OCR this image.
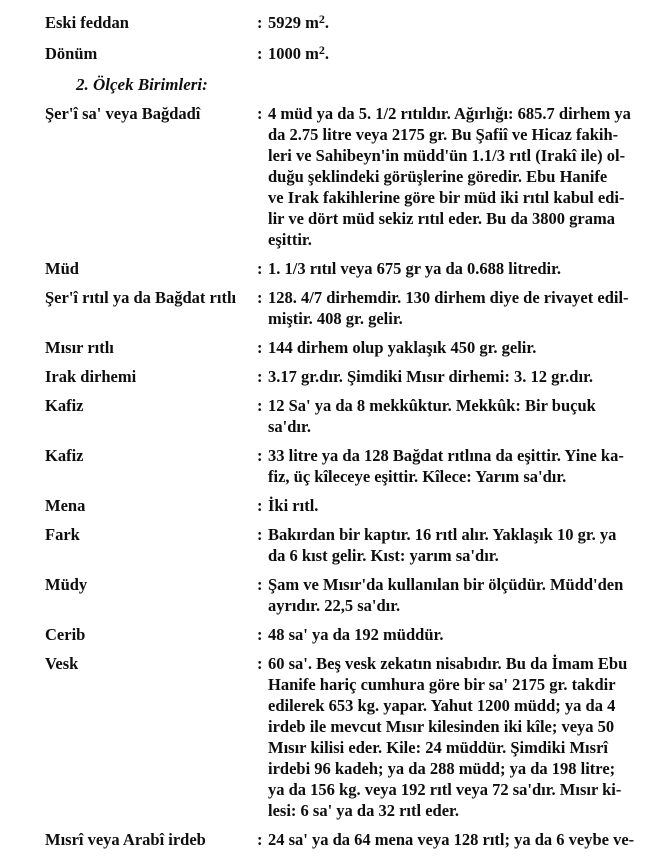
Eski feddan	: 5929 $m^2$.
Dönüm	: 1000 $m^2$.
2. Ölçek Birimleri:
Şer'î sa' veya Bağdadî	: 4 müd ya da 5. 1/2 rıtıldır. Ağırlığı: 685.7 dirhem ya
da 2.75 litre veya 2175 gr. Bu Şafiî ve Hicaz fakih-
leri ve Sahibeyn'in müdd'ün 1.1/3 rıtl (Irakî ile) ol-
duğu şeklindeki görüşlerine göredir. Ebu Hanife
ve Irak fakihlerine göre bir müd iki rıtıl kabul edi-
lir ve dört müd sekiz rıtıl eder. Bu da 3800 grama
eşittir.
Müd	: 1. 1/3 rıtıl veya 675 gr ya da 0.688 litredir.
Şer'î rıtıl ya da Bağdat rıtlı	: 128. 4/7 dirhemdir. 130 dirhem diye de rivayet edil-
miştir. 408 gr. gelir.
Mısır rıtlı	: 144 dirhem olup yaklaşık 450 gr. gelir.
Irak dirhemi	: 3.17 gr.dır. Şimdiki Mısır dirhemi: 3. 12 gr.dır.
Kafiz	: 12 Sa' ya da 8 mekkûktur. Mekkûk: Bir buçuk
sa'dır.
Kafiz	: 33 litre ya da 128 Bağdat rıtlına da eşittir. Yine ka-
fiz, üç kîleceye eşittir. Kîlece: Yarım sa'dır.
Mena	: İki rıtl.
Fark	: Bakırdan bir kaptır. 16 rıtl alır. Yaklaşık 10 gr. ya
da 6 kıst gelir. Kıst: yarım sa'dır.
Müdy	: Şam ve Mısır'da kullanılan bir ölçüdür. Müdd'den
ayrıdır. 22,5 sa'dır.
Cerib	: 48 sa' ya da 192 müddür.
Vesk	: 60 sa'. Beş vesk zekatın nisabıdır. Bu da İmam Ebu
Hanife hariç cumhura göre bir sa' 2175 gr. takdir
edilerek 653 kg. yapar. Yahut 1200 müdd; ya da 4
irdeb ile mevcut Mısır kilesinden iki kîle; veya 50
Mısır kilisi eder. Kile: 24 müddür. Şimdiki Mısrî
irdebi 96 kadeh; ya da 288 müdd; ya da 198 litre;
ya da 156 kg. veya 192 rıtl veya 72 sa'dır. Mısır ki-
lesi: 6 sa' ya da 32 rıtl eder.
Mısrî veya Arabî irdeb	: 24 sa' ya da 64 mena veya 128 rıtl; ya da 6 veybe ve-
